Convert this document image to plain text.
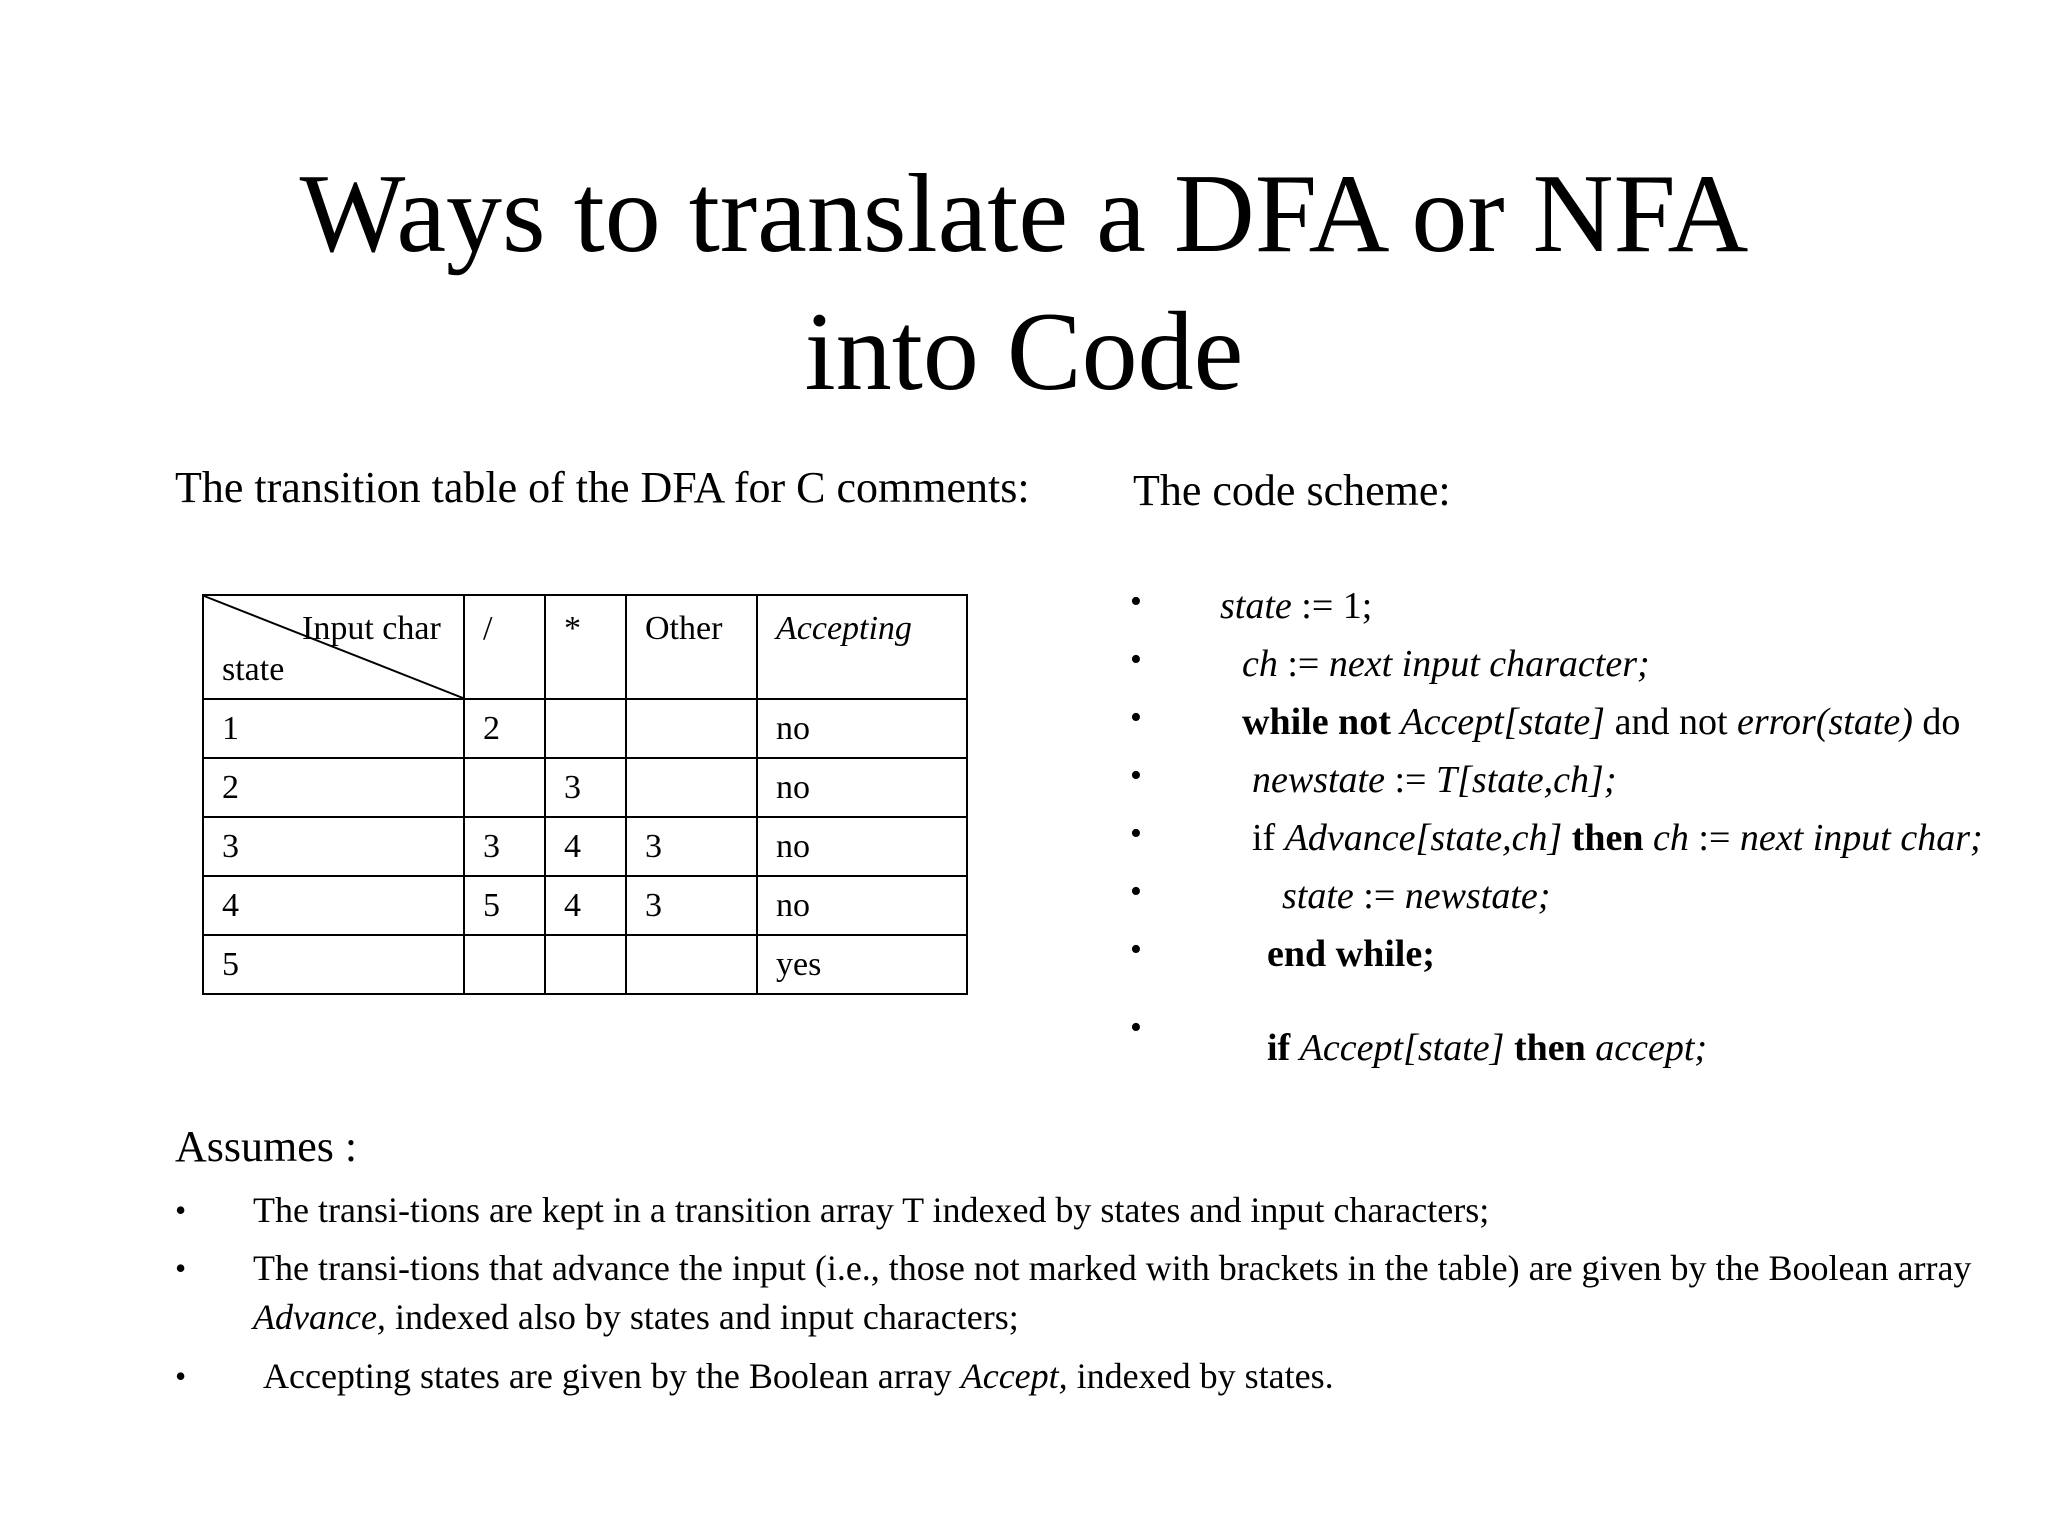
Ways to translate a DFA or NFA
into Code
The transition table of the DFA for C comments: The code scheme:
Input char
state	/	*	Other	Accepting
1	2			no
2		3		no
3	3	4	3	no
4	5	4	3	no
5				yes
• state := 1;
•	ch := next input character;
•	while not Accept[state] and not error(state) do
•	newstate := T[state,ch];
•	if Advance[state,ch] then ch := next input char;
•	state := newstate;
•	end while;
•	if Accept[state] then accept;
Assumes :
• The transi-tions are kept in a transition array T indexed by states and input characters;
• The transi-tions that advance the input (i.e., those not marked with brackets in the table) are given by the Boolean array Advance, indexed also by states and input characters;
• Accepting states are given by the Boolean array Accept, indexed by states.
